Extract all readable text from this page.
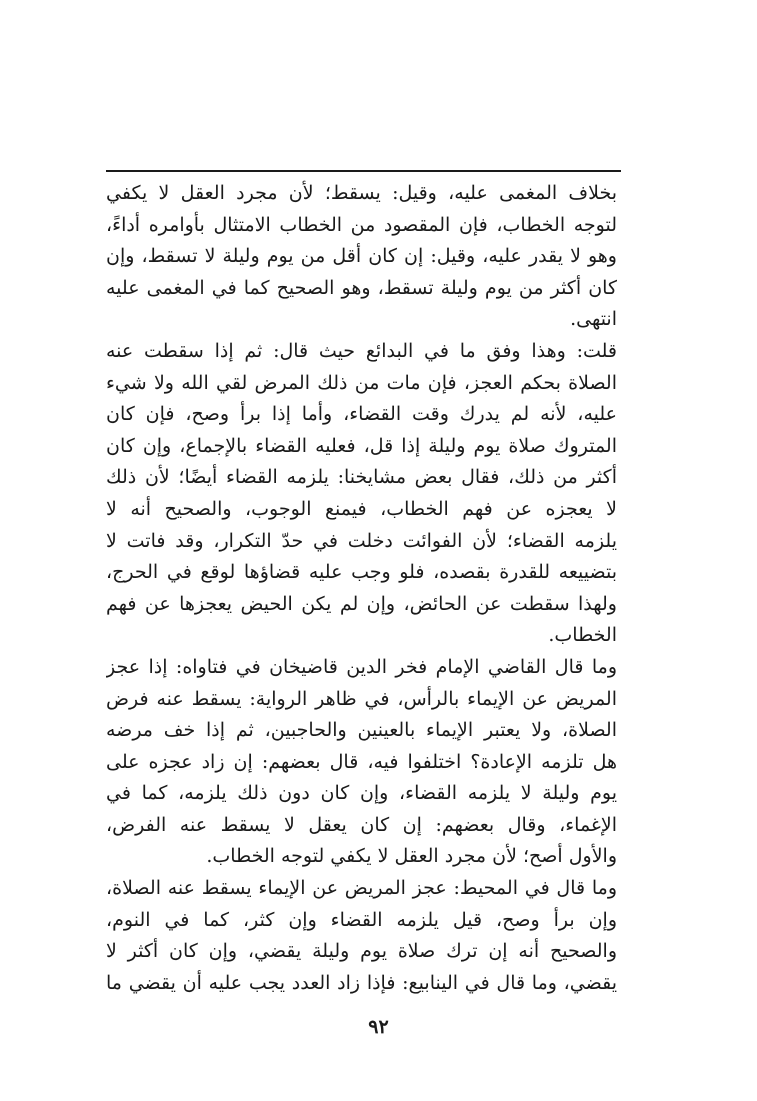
بخلاف المغمى عليه، وقيل: يسقط؛ لأن مجرد العقل لا يكفي
لتوجه الخطاب، فإن المقصود من الخطاب الامتثال بأوامره أداءً،
وهو لا يقدر عليه، وقيل: إن كان أقل من يوم وليلة لا تسقط، وإن
كان أكثر من يوم وليلة تسقط، وهو الصحيح كما في المغمى عليه
انتهى.
قلت: وهذا وفق ما في البدائع حيث قال: ثم إذا سقطت عنه
الصلاة بحكم العجز، فإن مات من ذلك المرض لقي الله ولا شيء
عليه، لأنه لم يدرك وقت القضاء، وأما إذا برأ وصح، فإن كان
المتروك صلاة يوم وليلة إذا قل، فعليه القضاء بالإجماع، وإن كان
أكثر من ذلك، فقال بعض مشايخنا: يلزمه القضاء أيضًا؛ لأن ذلك
لا يعجزه عن فهم الخطاب، فيمنع الوجوب، والصحيح أنه لا
يلزمه القضاء؛ لأن الفوائت دخلت في حدّ التكرار، وقد فاتت لا
بتضييعه للقدرة بقصده، فلو وجب عليه قضاؤها لوقع في الحرج،
ولهذا سقطت عن الحائض، وإن لم يكن الحيض يعجزها عن فهم
الخطاب.
وما قال القاضي الإمام فخر الدين قاضيخان في فتاواه: إذا عجز
المريض عن الإيماء بالرأس، في ظاهر الرواية: يسقط عنه فرض
الصلاة، ولا يعتبر الإيماء بالعينين والحاجبين، ثم إذا خف مرضه
هل تلزمه الإعادة؟ اختلفوا فيه، قال بعضهم: إن زاد عجزه على
يوم وليلة لا يلزمه القضاء، وإن كان دون ذلك يلزمه، كما في
الإغماء، وقال بعضهم: إن كان يعقل لا يسقط عنه الفرض،
والأول أصح؛ لأن مجرد العقل لا يكفي لتوجه الخطاب.
وما قال في المحيط: عجز المريض عن الإيماء يسقط عنه الصلاة،
وإن برأ وصح، قيل يلزمه القضاء وإن كثر، كما في النوم،
والصحيح أنه إن ترك صلاة يوم وليلة يقضي، وإن كان أكثر لا
يقضي، وما قال في الينابيع: فإذا زاد العدد يجب عليه أن يقضي ما
٩٢
